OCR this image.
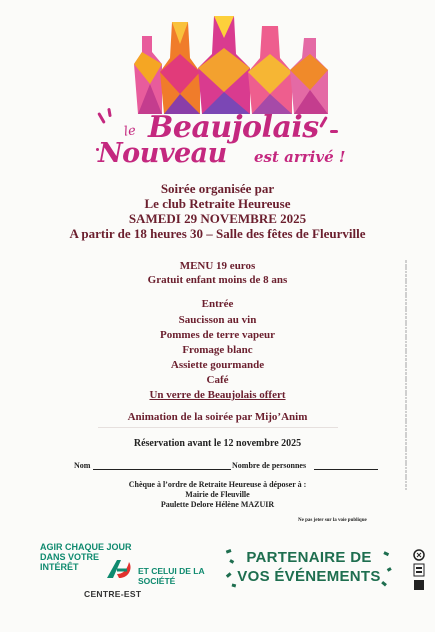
le Beaujolais
Nouveau est arrivé !
Soirée organisée par
Le club Retraite Heureuse
SAMEDI 29 NOVEMBRE 2025
A partir de 18 heures 30 – Salle des fêtes de Fleurville
MENU 19 euros
Gratuit enfant moins de 8 ans
Entrée
Saucisson au vin
Pommes de terre vapeur
Fromage blanc
Assiette gourmande
Café
Un verre de Beaujolais offert
Animation de la soirée par Mijo’Anim
Réservation avant le 12 novembre 2025
Nom	Nombre de personnes
Chèque à l’ordre de Retraite Heureuse à déposer à :
Mairie de Fleuville
Paulette Delore Hélène MAZUIR
Ne pas jeter sur la voie publique
AGIR CHAQUE JOUR
DANS VOTRE
INTÉRÊT	ET CELUI DE LA
SOCIÉTÉ
CENTRE-EST
PARTENAIRE DE
VOS ÉVÉNEMENTS
